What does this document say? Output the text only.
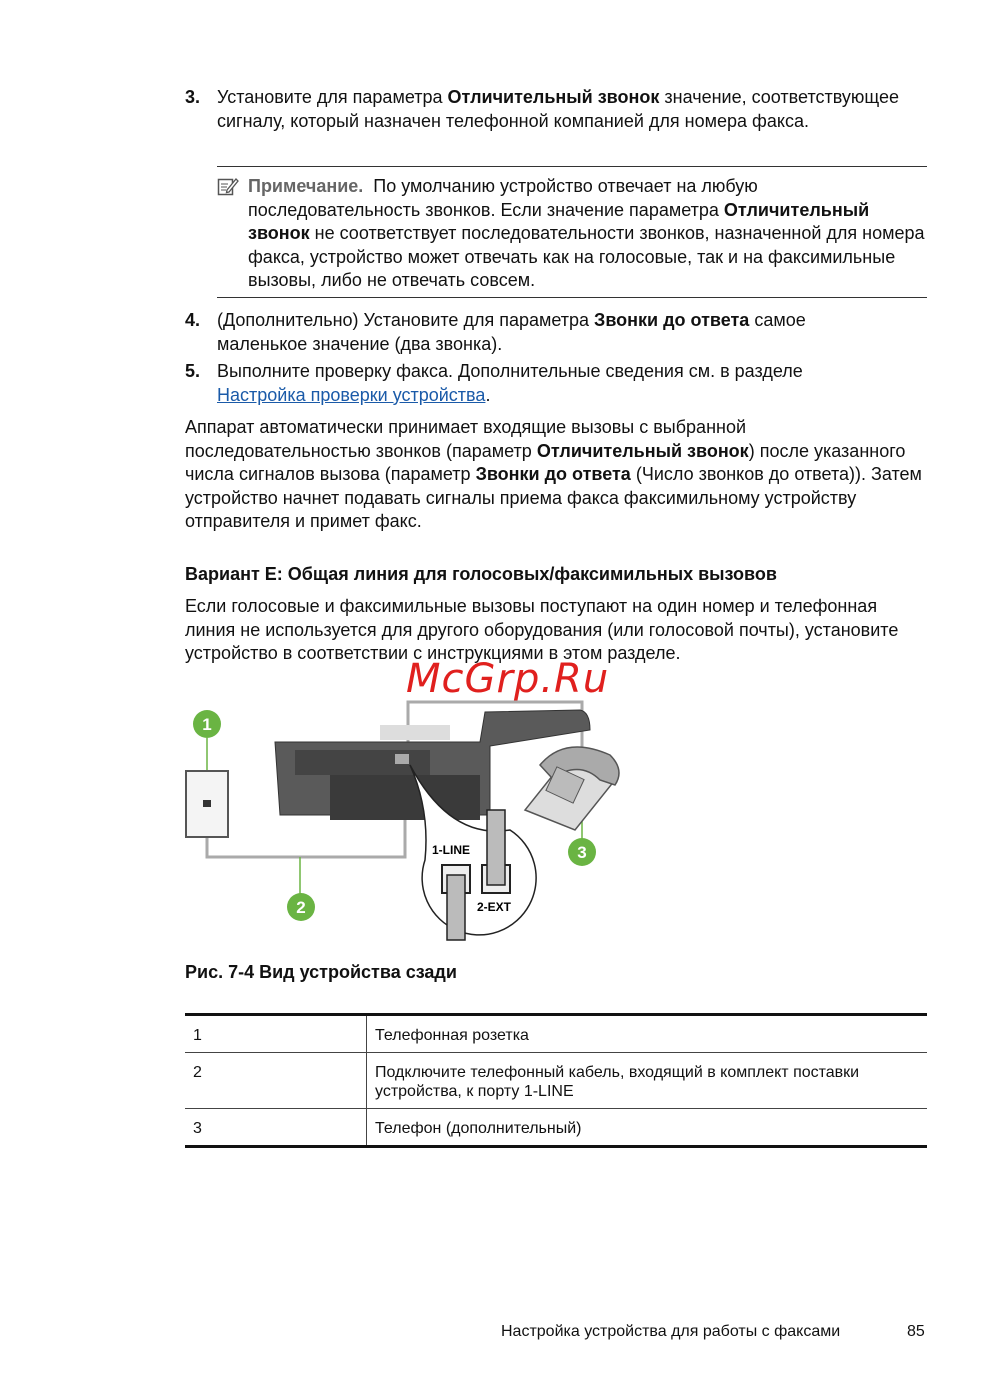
3. Установите для параметра Отличительный звонок значение, соответствующее сигналу, который назначен телефонной компанией для номера факса.
Примечание.  По умолчанию устройство отвечает на любую последовательность звонков. Если значение параметра Отличительный звонок не соответствует последовательности звонков, назначенной для номера факса, устройство может отвечать как на голосовые, так и на факсимильные вызовы, либо не отвечать совсем.
4. (Дополнительно) Установите для параметра Звонки до ответа самое маленькое значение (два звонка).
5. Выполните проверку факса. Дополнительные сведения см. в разделе Настройка проверки устройства.
Аппарат автоматически принимает входящие вызовы с выбранной последовательностью звонков (параметр Отличительный звонок) после указанного числа сигналов вызова (параметр Звонки до ответа (Число звонков до ответа)). Затем устройство начнет подавать сигналы приема факса факсимильному устройству отправителя и примет факс.
Вариант E: Общая линия для голосовых/факсимильных вызовов
Если голосовые и факсимильные вызовы поступают на один номер и телефонная линия не используется для другого оборудования (или голосовой почты), установите устройство в соответствии с инструкциями в этом разделе.
1-LINE
2-EXT
1
2
3
McGrp.Ru
Рис. 7-4 Вид устройства сзади
1	Телефонная розетка
2	Подключите телефонный кабель, входящий в комплект поставки устройства, к порту 1-LINE
3	Телефон (дополнительный)
Настройка устройства для работы с факсами	85
